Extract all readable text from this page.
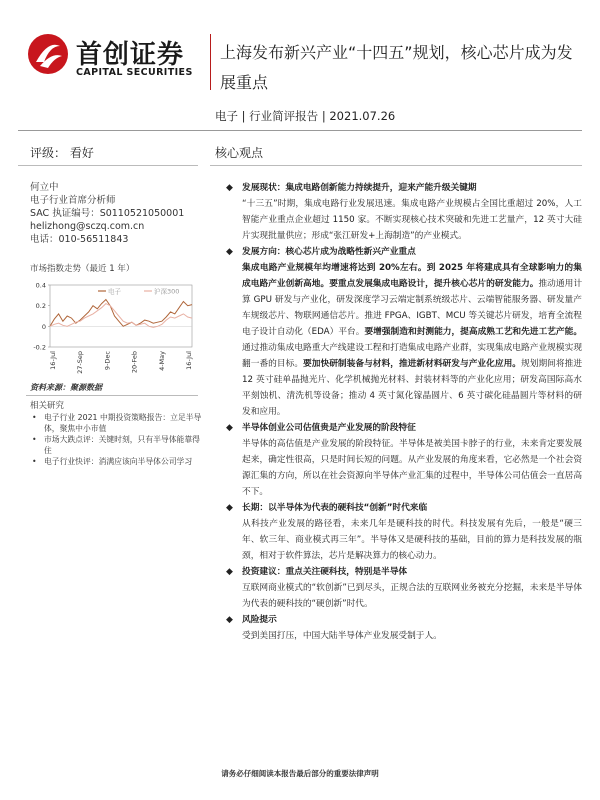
首创证券
CAPITAL SECURITIES
上海发布新兴产业“十四五”规划，核心芯片成为发展重点
电子 | 行业简评报告 | 2021.07.26
评级： 看好
何立中
电子行业首席分析师
SAC 执证编号：S0110521050001
helizhong@sczq.com.cn
电话：010-56511843
市场指数走势（最近 1 年）
0.4
0.2
0
-0.2
16-Jul	27-Sep	9-Dec	20-Feb	4-May	16-Jul
电子	沪深300
资料来源：聚源数据
相关研究
• 电子行业 2021 中期投资策略报告：立足半导体，聚焦中小市值
• 市场大跌点评：关键时刻，只有半导体能靠得住
• 电子行业快评：消满应该向半导体公司学习
核心观点
◆ 发展现状：集成电路创新能力持续提升，迎来产能升级关键期
“十三五”时期，集成电路行业发展迅速。集成电路产业规模占全国比重超过 20%，人工智能产业重点企业超过 1150 家。不断实现核心技术突破和先进工艺量产，12 英寸大硅片实现批量供应；形成“张江研发+上海制造”的产业模式。
◆ 发展方向：核心芯片成为战略性新兴产业重点
集成电路产业规模年均增速将达到 20%左右。到 2025 年将建成具有全球影响力的集成电路产业创新高地。要重点发展集成电路设计，提升核心芯片的研发能力。推动通用计算 GPU 研发与产业化，研发深度学习云端定制系统级芯片、云端智能服务器、研发量产车规级芯片、物联网通信芯片。推进 FPGA、IGBT、MCU 等关键芯片研发，培育全流程电子设计自动化（EDA）平台。要增强制造和封测能力，提高成熟工艺和先进工艺产能。通过推动集成电路重大产线建设工程和打造集成电路产业群，实现集成电路产业规模实现翻一番的目标。要加快研制装备与材料，推进新材料研发与产业化应用。规划期间将推进 12 英寸硅单晶抛光片、化学机械抛光材料、封装材料等的产业化应用；研发高国际高水平刻蚀机、清洗机等设备；推动 4 英寸氮化镓晶圆片、6 英寸碳化硅晶圆片等材料的研发和应用。
◆ 半导体创业公司估值贵是产业发展的阶段特征
半导体的高估值是产业发展的阶段特征。半导体是被美国卡脖子的行业，未来肯定要发展起来，确定性很高，只是时间长短的问题。从产业发展的角度来看，它必然是一个社会资源汇集的方向，所以在社会资源向半导体产业汇集的过程中，半导体公司估值会一直居高不下。
◆ 长期：以半导体为代表的硬科技“创新”时代来临
从科技产业发展的路径看，未来几年是硬科技的时代。科技发展有先后，一般是“硬三年、软三年、商业模式再三年”。半导体又是硬科技的基础，目前的算力是科技发展的瓶颈，相对于软件算法，芯片是解决算力的核心动力。
◆ 投资建议：重点关注硬科技，特别是半导体
互联网商业模式的“软创新”已到尽头，正规合法的互联网业务被充分挖掘，未来是半导体为代表的硬科技的“硬创新”时代。
◆ 风险提示
受到美国打压，中国大陆半导体产业发展受制于人。
请务必仔细阅读本报告最后部分的重要法律声明
